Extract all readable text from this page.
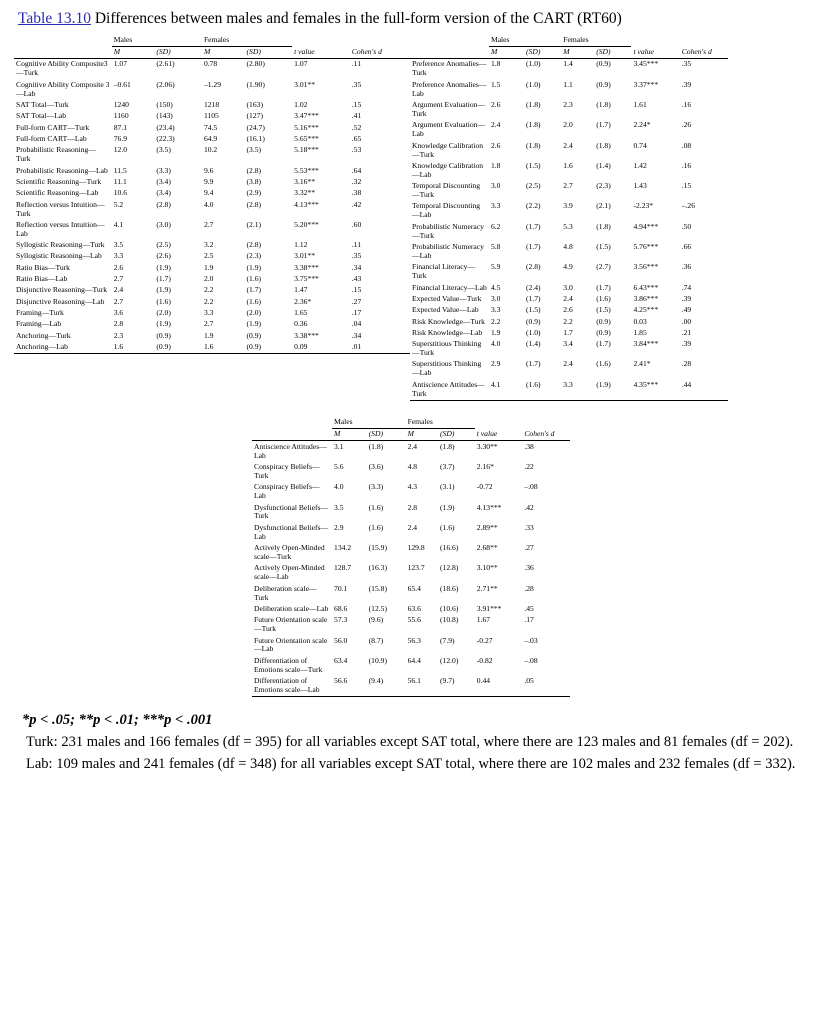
Table 13.10 Differences between males and females in the full-form version of the CART (RT60)
	Males		Females			
	M	(SD)	M	(SD)	t value	Cohen's d
Cognitive Ability Composite3—Turk	1.07	(2.61)	0.78	(2.80)	1.07	.11
Cognitive Ability Composite 3—Lab	–0.61	(2.06)	–1.29	(1.90)	3.01**	.35
SAT Total—Turk	1240	(150)	1218	(163)	1.02	.15
SAT Total—Lab	1160	(143)	1105	(127)	3.47***	.41
Full-form CART—Turk	87.1	(23.4)	74.5	(24.7)	5.16***	.52
Full-form CART—Lab	76.9	(22.3)	64.9	(16.1)	5.65***	.65
Probabilistic Reasoning—Turk	12.0	(3.5)	10.2	(3.5)	5.18***	.53
Probabilistic Reasoning—Lab	11.5	(3.3)	9.6	(2.8)	5.53***	.64
Scientific Reasoning—Turk	11.1	(3.4)	9.9	(3.8)	3.16**	.32
Scientific Reasoning—Lab	10.6	(3.4)	9.4	(2.9)	3.32**	.38
Reflection versus Intuition—Turk	5.2	(2.8)	4.0	(2.8)	4.13***	.42
Reflection versus Intuition—Lab	4.1	(3.0)	2.7	(2.1)	5.20***	.60
Syllogistic Reasoning—Turk	3.5	(2.5)	3.2	(2.8)	1.12	.11
Syllogistic Reasoning—Lab	3.3	(2.6)	2.5	(2.3)	3.01**	.35
Ratio Bias—Turk	2.6	(1.9)	1.9	(1.9)	3.38***	.34
Ratio Bias—Lab	2.7	(1.7)	2.0	(1.6)	3.75***	.43
Disjunctive Reasoning—Turk	2.4	(1.9)	2.2	(1.7)	1.47	.15
Disjunctive Reasoning—Lab	2.7	(1.6)	2.2	(1.6)	2.36*	.27
Framing—Turk	3.6	(2.0)	3.3	(2.0)	1.65	.17
Framing—Lab	2.8	(1.9)	2.7	(1.9)	0.36	.04
Anchoring—Turk	2.3	(0.9)	1.9	(0.9)	3.38***	.34
Anchoring—Lab	1.6	(0.9)	1.6	(0.9)	0.09	.01
	Males		Females			
	M	(SD)	M	(SD)	t value	Cohen's d
Preference Anomalies—Turk	1.8	(1.0)	1.4	(0.9)	3.45***	.35
Preference Anomalies—Lab	1.5	(1.0)	1.1	(0.9)	3.37***	.39
Argument Evaluation—Turk	2.6	(1.8)	2.3	(1.8)	1.61	.16
Argument Evaluation—Lab	2.4	(1.8)	2.0	(1.7)	2.24*	.26
Knowledge Calibration—Turk	2.6	(1.8)	2.4	(1.8)	0.74	.08
Knowledge Calibration—Lab	1.8	(1.5)	1.6	(1.4)	1.42	.16
Temporal Discounting—Turk	3.0	(2.5)	2.7	(2.3)	1.43	.15
Temporal Discounting—Lab	3.3	(2.2)	3.9	(2.1)	-2.23*	–.26
Probabilistic Numeracy—Turk	6.2	(1.7)	5.3	(1.8)	4.94***	.50
Probabilistic Numeracy—Lab	5.8	(1.7)	4.8	(1.5)	5.76***	.66
Financial Literacy—Turk	5.9	(2.8)	4.9	(2.7)	3.56***	.36
Financial Literacy—Lab	4.5	(2.4)	3.0	(1.7)	6.43***	.74
Expected Value—Turk	3.0	(1.7)	2.4	(1.6)	3.86***	.39
Expected Value—Lab	3.3	(1.5)	2.6	(1.5)	4.25***	.49
Risk Knowledge—Turk	2.2	(0.9)	2.2	(0.9)	0.03	.00
Risk Knowledge—Lab	1.9	(1.0)	1.7	(0.9)	1.85	.21
Superstitious Thinking—Turk	4.0	(1.4)	3.4	(1.7)	3.84***	.39
Superstitious Thinking—Lab	2.9	(1.7)	2.4	(1.6)	2.41*	.28
Antiscience Attitudes—Turk	4.1	(1.6)	3.3	(1.9)	4.35***	.44
	Males		Females			
	M	(SD)	M	(SD)	t value	Cohen's d
Antiscience Attitudes—Lab	3.1	(1.8)	2.4	(1.8)	3.30**	.38
Conspiracy Beliefs—Turk	5.6	(3.6)	4.8	(3.7)	2.16*	.22
Conspiracy Beliefs—Lab	4.0	(3.3)	4.3	(3.1)	-0.72	–.08
Dysfunctional Beliefs—Turk	3.5	(1.6)	2.8	(1.9)	4.13***	.42
Dysfunctional Beliefs—Lab	2.9	(1.6)	2.4	(1.6)	2.89**	.33
Actively Open-Minded scale—Turk	134.2	(15.9)	129.8	(16.6)	2.68**	.27
Actively Open-Minded scale—Lab	128.7	(16.3)	123.7	(12.8)	3.10**	.36
Deliberation scale—Turk	70.1	(15.8)	65.4	(18.6)	2.71**	.28
Deliberation scale—Lab	68.6	(12.5)	63.6	(10.6)	3.91***	.45
Future Orientation scale—Turk	57.3	(9.6)	55.6	(10.8)	1.67	.17
Future Orientation scale—Lab	56.0	(8.7)	56.3	(7.9)	-0.27	–.03
Differentiation of Emotions scale—Turk	63.4	(10.9)	64.4	(12.0)	-0.82	–.08
Differentiation of Emotions scale—Lab	56.6	(9.4)	56.1	(9.7)	0.44	.05
*p < .05; **p < .01; ***p < .001

Turk: 231 males and 166 females (df = 395) for all variables except SAT total, where there are 123 males and 81 females (df = 202).

Lab: 109 males and 241 females (df = 348) for all variables except SAT total, where there are 102 males and 232 females (df = 332).
